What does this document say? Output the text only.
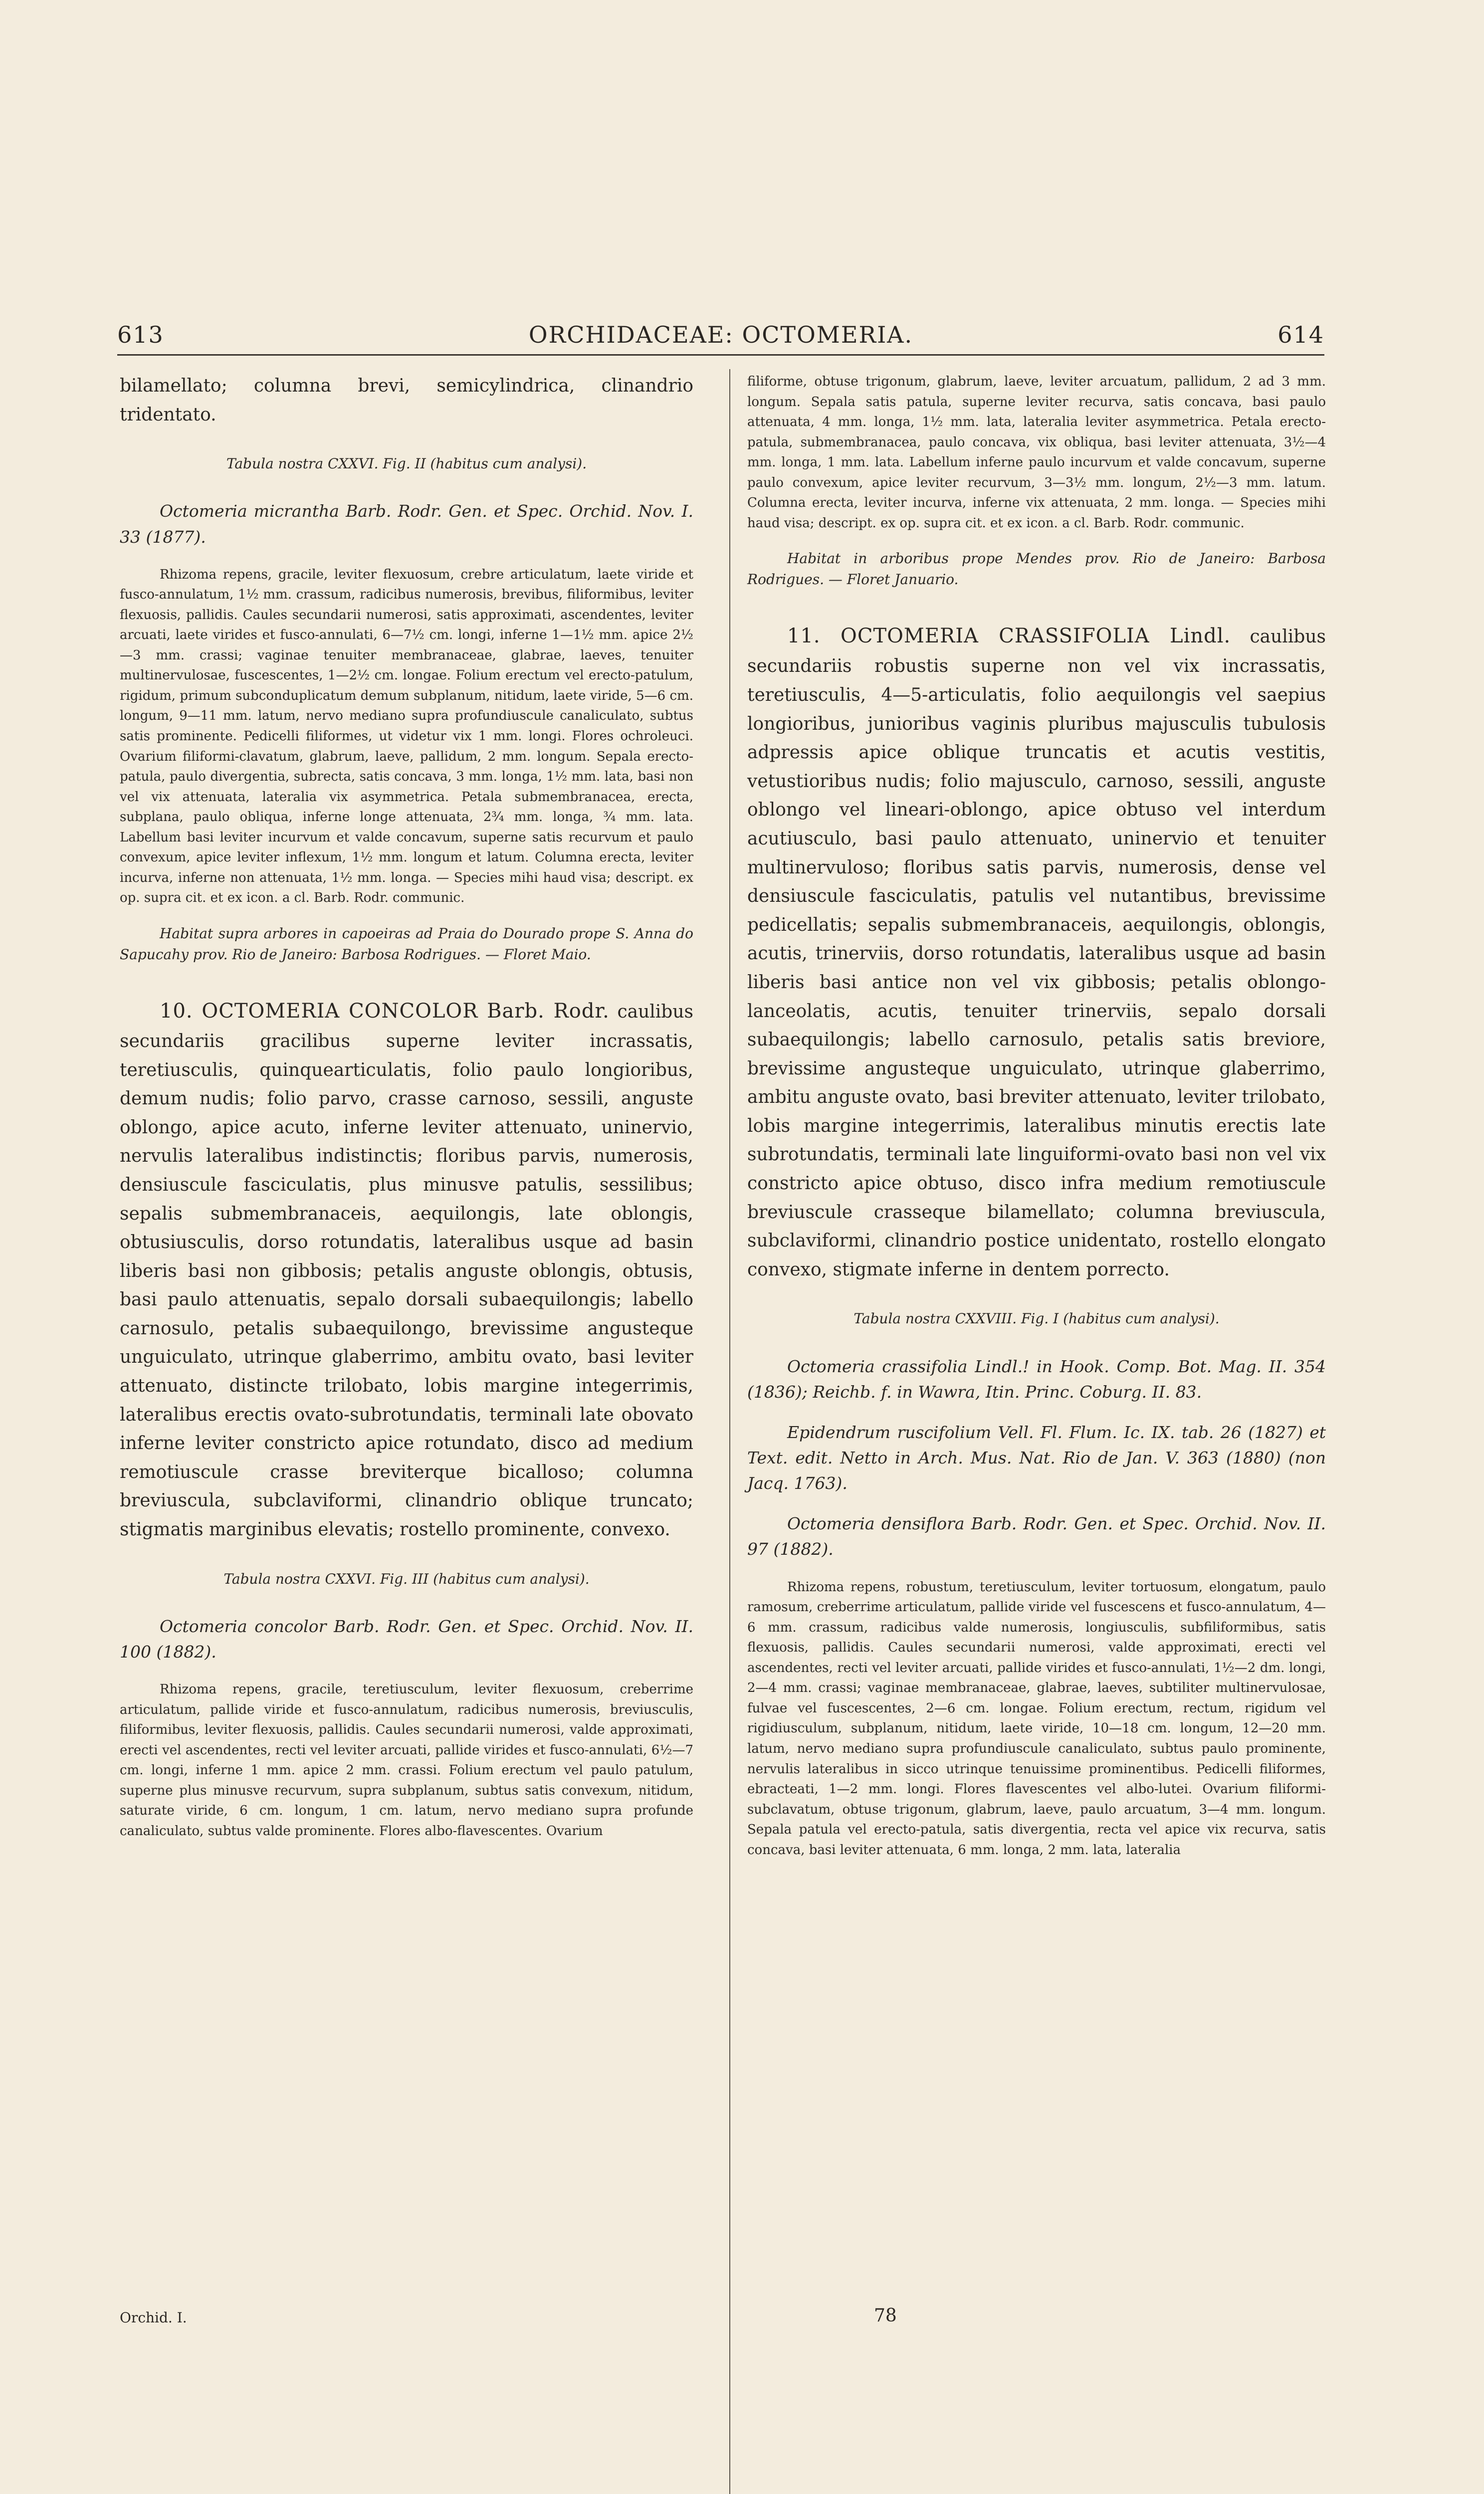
613	ORCHIDACEAE: OCTOMERIA.	614

bilamellato; columna brevi, semicylindrica, clinandrio tridentato.

Tabula nostra CXXVI. Fig. II (habitus cum analysi).

Octomeria micrantha Barb. Rodr. Gen. et Spec. Orchid. Nov. I. 33 (1877).

Rhizoma repens, gracile, leviter flexuosum, crebre articulatum, laete viride et fusco-annulatum, 1½ mm. crassum, radicibus numerosis, brevibus, filiformibus, leviter flexuosis, pallidis. Caules secundarii numerosi, satis approximati, ascendentes, leviter arcuati, laete virides et fusco-annulati, 6—7½ cm. longi, inferne 1—1½ mm. apice 2½—3 mm. crassi; vaginae tenuiter membranaceae, glabrae, laeves, tenuiter multinervulosae, fuscescentes, 1—2½ cm. longae. Folium erectum vel erecto-patulum, rigidum, primum subconduplicatum demum subplanum, nitidum, laete viride, 5—6 cm. longum, 9—11 mm. latum, nervo mediano supra profundiuscule canaliculato, subtus satis prominente. Pedicelli filiformes, ut videtur vix 1 mm. longi. Flores ochroleuci. Ovarium filiformi-clavatum, glabrum, laeve, pallidum, 2 mm. longum. Sepala erecto-patula, paulo divergentia, subrecta, satis concava, 3 mm. longa, 1½ mm. lata, basi non vel vix attenuata, lateralia vix asymmetrica. Petala submembranacea, erecta, subplana, paulo obliqua, inferne longe attenuata, 2¾ mm. longa, ¾ mm. lata. Labellum basi leviter incurvum et valde concavum, superne satis recurvum et paulo convexum, apice leviter inflexum, 1½ mm. longum et latum. Columna erecta, leviter incurva, inferne non attenuata, 1½ mm. longa. — Species mihi haud visa; descript. ex op. supra cit. et ex icon. a cl. Barb. Rodr. communic.

Habitat supra arbores in capoeiras ad Praia do Dourado prope S. Anna do Sapucahy prov. Rio de Janeiro: Barbosa Rodrigues. — Floret Maio.

10. OCTOMERIA CONCOLOR Barb. Rodr. caulibus secundariis gracilibus superne leviter incrassatis, teretiusculis, quinquearticulatis, folio paulo longioribus, demum nudis; folio parvo, crasse carnoso, sessili, anguste oblongo, apice acuto, inferne leviter attenuato, uninervio, nervulis lateralibus indistinctis; floribus parvis, numerosis, densiuscule fasciculatis, plus minusve patulis, sessilibus; sepalis submembranaceis, aequilongis, late oblongis, obtusiusculis, dorso rotundatis, lateralibus usque ad basin liberis basi non gibbosis; petalis anguste oblongis, obtusis, basi paulo attenuatis, sepalo dorsali subaequilongis; labello carnosulo, petalis subaequilongo, brevissime angusteque unguiculato, utrinque glaberrimo, ambitu ovato, basi leviter attenuato, distincte trilobato, lobis margine integerrimis, lateralibus erectis ovato-subrotundatis, terminali late obovato inferne leviter constricto apice rotundato, disco ad medium remotiuscule crasse breviterque bicalloso; columna breviuscula, subclaviformi, clinandrio oblique truncato; stigmatis marginibus elevatis; rostello prominente, convexo.

Tabula nostra CXXVI. Fig. III (habitus cum analysi).

Octomeria concolor Barb. Rodr. Gen. et Spec. Orchid. Nov. II. 100 (1882).

Rhizoma repens, gracile, teretiusculum, leviter flexuosum, creberrime articulatum, pallide viride et fusco-annulatum, radicibus numerosis, breviusculis, filiformibus, leviter flexuosis, pallidis. Caules secundarii numerosi, valde approximati, erecti vel ascendentes, recti vel leviter arcuati, pallide virides et fusco-annulati, 6½—7 cm. longi, inferne 1 mm. apice 2 mm. crassi. Folium erectum vel paulo patulum, superne plus minusve recurvum, supra subplanum, subtus satis convexum, nitidum, saturate viride, 6 cm. longum, 1 cm. latum, nervo mediano supra profunde canaliculato, subtus valde prominente. Flores albo-flavescentes. Ovarium

filiforme, obtuse trigonum, glabrum, laeve, leviter arcuatum, pallidum, 2 ad 3 mm. longum. Sepala satis patula, superne leviter recurva, satis concava, basi paulo attenuata, 4 mm. longa, 1½ mm. lata, lateralia leviter asymmetrica. Petala erecto-patula, submembranacea, paulo concava, vix obliqua, basi leviter attenuata, 3½—4 mm. longa, 1 mm. lata. Labellum inferne paulo incurvum et valde concavum, superne paulo convexum, apice leviter recurvum, 3—3½ mm. longum, 2½—3 mm. latum. Columna erecta, leviter incurva, inferne vix attenuata, 2 mm. longa. — Species mihi haud visa; descript. ex op. supra cit. et ex icon. a cl. Barb. Rodr. communic.

Habitat in arboribus prope Mendes prov. Rio de Janeiro: Barbosa Rodrigues. — Floret Januario.

11. OCTOMERIA CRASSIFOLIA Lindl. caulibus secundariis robustis superne non vel vix incrassatis, teretiusculis, 4—5-articulatis, folio aequilongis vel saepius longioribus, junioribus vaginis pluribus majusculis tubulosis adpressis apice oblique truncatis et acutis vestitis, vetustioribus nudis; folio majusculo, carnoso, sessili, anguste oblongo vel lineari-oblongo, apice obtuso vel interdum acutiusculo, basi paulo attenuato, uninervio et tenuiter multinervuloso; floribus satis parvis, numerosis, dense vel densiuscule fasciculatis, patulis vel nutantibus, brevissime pedicellatis; sepalis submembranaceis, aequilongis, oblongis, acutis, trinerviis, dorso rotundatis, lateralibus usque ad basin liberis basi antice non vel vix gibbosis; petalis oblongo-lanceolatis, acutis, tenuiter trinerviis, sepalo dorsali subaequilongis; labello carnosulo, petalis satis breviore, brevissime angusteque unguiculato, utrinque glaberrimo, ambitu anguste ovato, basi breviter attenuato, leviter trilobato, lobis margine integerrimis, lateralibus minutis erectis late subrotundatis, terminali late linguiformi-ovato basi non vel vix constricto apice obtuso, disco infra medium remotiuscule breviuscule crasseque bilamellato; columna breviuscula, subclaviformi, clinandrio postice unidentato, rostello elongato convexo, stigmate inferne in dentem porrecto.

Tabula nostra CXXVIII. Fig. I (habitus cum analysi).

Octomeria crassifolia Lindl.! in Hook. Comp. Bot. Mag. II. 354 (1836); Reichb. f. in Wawra, Itin. Princ. Coburg. II. 83.

Epidendrum ruscifolium Vell. Fl. Flum. Ic. IX. tab. 26 (1827) et Text. edit. Netto in Arch. Mus. Nat. Rio de Jan. V. 363 (1880) (non Jacq. 1763).

Octomeria densiflora Barb. Rodr. Gen. et Spec. Orchid. Nov. II. 97 (1882).

Rhizoma repens, robustum, teretiusculum, leviter tortuosum, elongatum, paulo ramosum, creberrime articulatum, pallide viride vel fuscescens et fusco-annulatum, 4—6 mm. crassum, radicibus valde numerosis, longiusculis, subfiliformibus, satis flexuosis, pallidis. Caules secundarii numerosi, valde approximati, erecti vel ascendentes, recti vel leviter arcuati, pallide virides et fusco-annulati, 1½—2 dm. longi, 2—4 mm. crassi; vaginae membranaceae, glabrae, laeves, subtiliter multinervulosae, fulvae vel fuscescentes, 2—6 cm. longae. Folium erectum, rectum, rigidum vel rigidiusculum, subplanum, nitidum, laete viride, 10—18 cm. longum, 12—20 mm. latum, nervo mediano supra profundiuscule canaliculato, subtus paulo prominente, nervulis lateralibus in sicco utrinque tenuissime prominentibus. Pedicelli filiformes, ebracteati, 1—2 mm. longi. Flores flavescentes vel albo-lutei. Ovarium filiformi-subclavatum, obtuse trigonum, glabrum, laeve, paulo arcuatum, 3—4 mm. longum. Sepala patula vel erecto-patula, satis divergentia, recta vel apice vix recurva, satis concava, basi leviter attenuata, 6 mm. longa, 2 mm. lata, lateralia

Orchid. I.	78
